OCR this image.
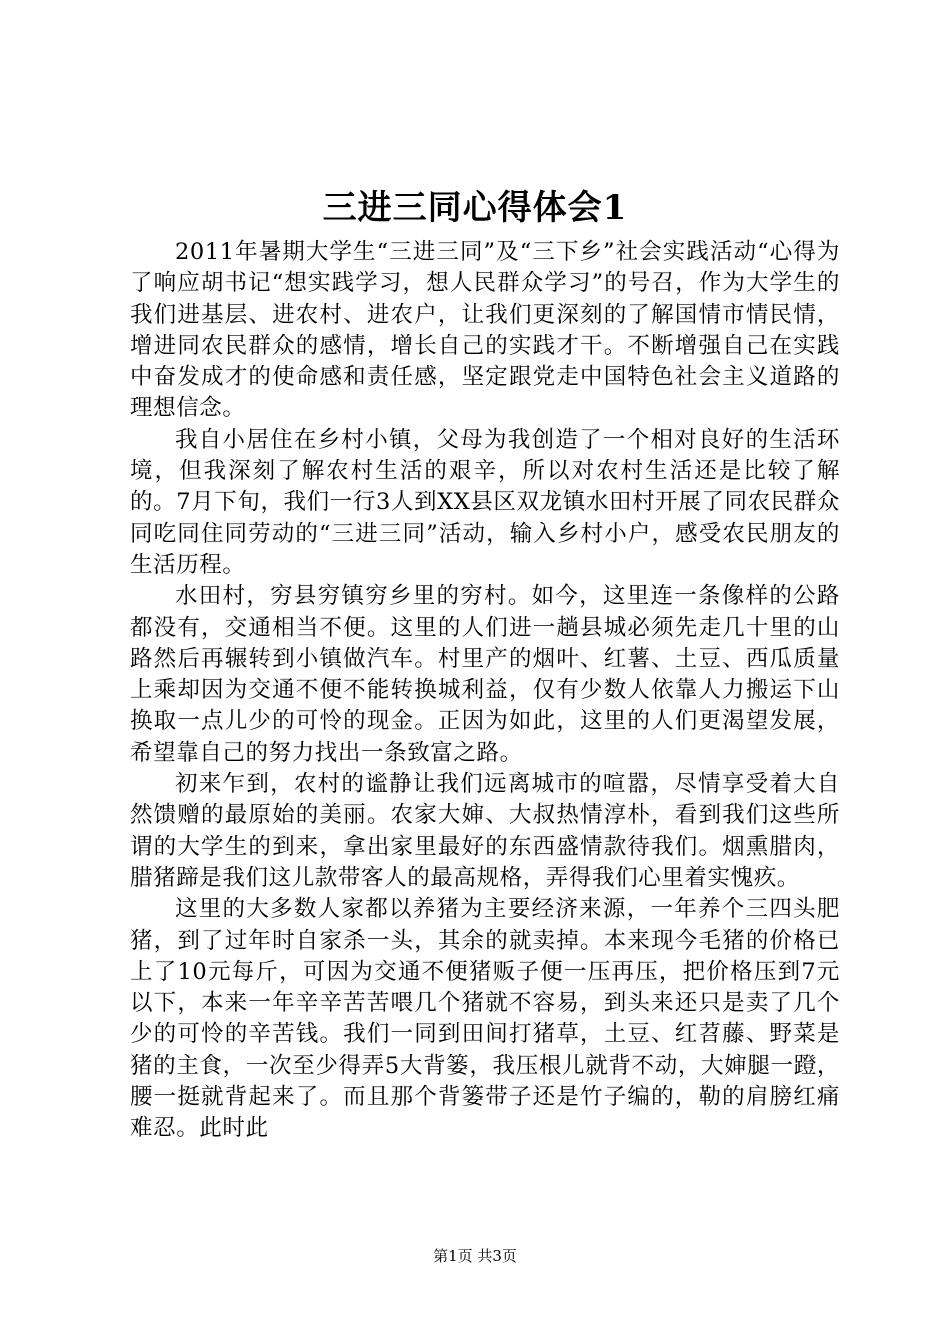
三进三同心得体会1

2011年暑期大学生“三进三同”及“三下乡”社会实践活动“心得为了响应胡书记“想实践学习，想人民群众学习”的号召，作为大学生的我们进基层、进农村、进农户，让我们更深刻的了解国情市情民情，增进同农民群众的感情，增长自己的实践才干。不断增强自己在实践中奋发成才的使命感和责任感，坚定跟党走中国特色社会主义道路的理想信念。

我自小居住在乡村小镇，父母为我创造了一个相对良好的生活环境，但我深刻了解农村生活的艰辛，所以对农村生活还是比较了解的。7月下旬，我们一行3人到XX县区双龙镇水田村开展了同农民群众同吃同住同劳动的“三进三同”活动，输入乡村小户，感受农民朋友的生活历程。

水田村，穷县穷镇穷乡里的穷村。如今，这里连一条像样的公路都没有，交通相当不便。这里的人们进一趟县城必须先走几十里的山路然后再辗转到小镇做汽车。村里产的烟叶、红薯、土豆、西瓜质量上乘却因为交通不便不能转换城利益，仅有少数人依靠人力搬运下山换取一点儿少的可怜的现金。正因为如此，这里的人们更渴望发展，希望靠自己的努力找出一条致富之路。

初来乍到，农村的谧静让我们远离城市的喧嚣，尽情享受着大自然馈赠的最原始的美丽。农家大婶、大叔热情淳朴，看到我们这些所谓的大学生的到来，拿出家里最好的东西盛情款待我们。烟熏腊肉，腊猪蹄是我们这儿款带客人的最高规格，弄得我们心里着实愧疚。

这里的大多数人家都以养猪为主要经济来源，一年养个三四头肥猪，到了过年时自家杀一头，其余的就卖掉。本来现今毛猪的价格已上了10元每斤，可因为交通不便猪贩子便一压再压，把价格压到7元以下，本来一年辛辛苦苦喂几个猪就不容易，到头来还只是卖了几个少的可怜的辛苦钱。我们一同到田间打猪草，土豆、红苕藤、野菜是猪的主食，一次至少得弄5大背篓，我压根儿就背不动，大婶腿一蹬，腰一挺就背起来了。而且那个背篓带子还是竹子编的，勒的肩膀红痛难忍。此时此

第1页 共3页
